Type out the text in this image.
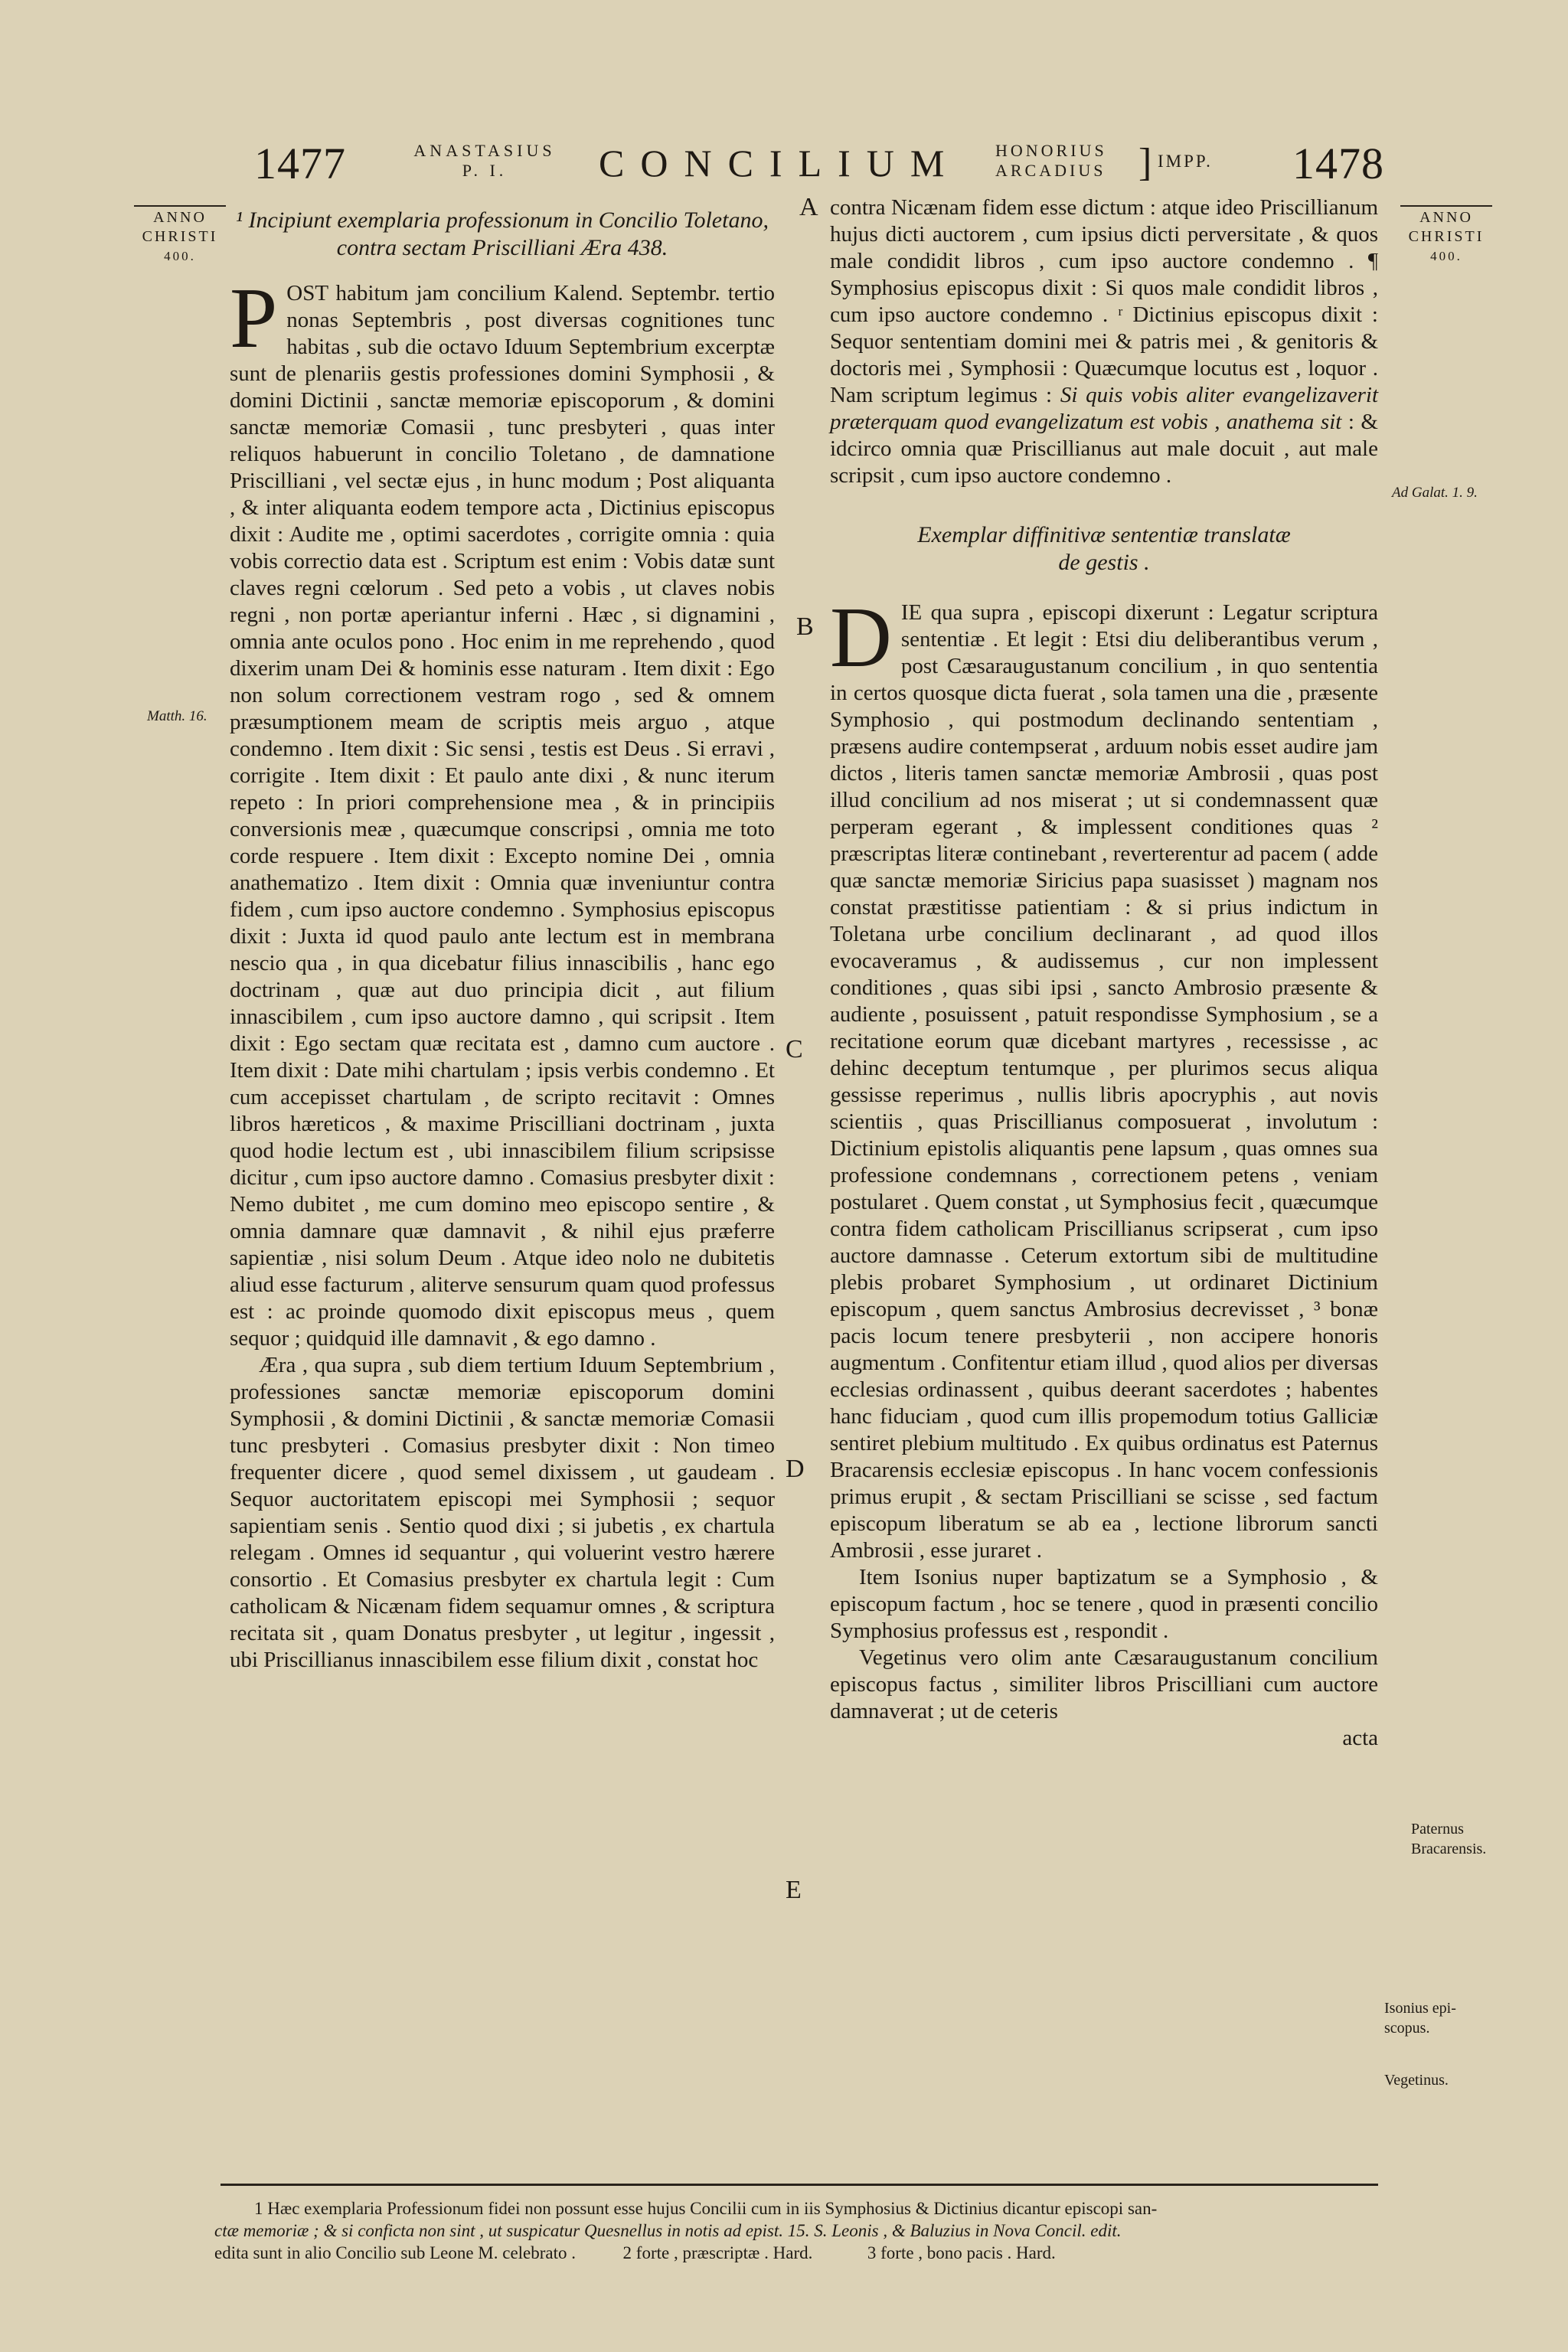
1477	ANASTASIUS
P. I.	CONCILIUM HONORIUS
ARCADIUS ] IMPP. 1478
ANNO
CHRISTI
400.
ANNO
CHRISTI
400.
Matth. 16.
Ad Galat. 1. 9.
Paternus
Bracarensis.
Isonius epi-
scopus.
Vegetinus.
A
B
C
D
E

¹ Incipiunt exemplaria professionum in Concilio Toletano,

contra sectam Priscilliani Æra 438.

POST habitum jam concilium Kalend. Septembr. tertio nonas Septembris , post diversas cognitiones tunc habitas , sub die octavo Iduum Septembrium excerptæ sunt de plenariis gestis professiones domini Symphosii , & domini Dictinii , sanctæ memoriæ episcoporum , & domini sanctæ memoriæ Comasii , tunc presbyteri , quas inter reliquos habuerunt in concilio Toletano , de damnatione Priscilliani , vel sectæ ejus , in hunc modum ; Post aliquanta , & inter aliquanta eodem tempore acta , Dictinius episcopus dixit : Audite me , optimi sacerdotes , corrigite omnia : quia vobis correctio data est . Scriptum est enim : Vobis datæ sunt claves regni cœlorum . Sed peto a vobis , ut claves nobis regni , non portæ aperiantur inferni . Hæc , si dignamini , omnia ante oculos pono . Hoc enim in me reprehendo , quod dixerim unam Dei & hominis esse naturam . Item dixit : Ego non solum correctionem vestram rogo , sed & omnem præsumptionem meam de scriptis meis arguo , atque condemno . Item dixit : Sic sensi , testis est Deus . Si erravi , corrigite . Item dixit : Et paulo ante dixi , & nunc iterum repeto : In priori comprehensione mea , & in principiis conversionis meæ , quæcumque conscripsi , omnia me toto corde respuere . Item dixit : Excepto nomine Dei , omnia anathematizo . Item dixit : Omnia quæ inveniuntur contra fidem , cum ipso auctore condemno . Symphosius episcopus dixit : Juxta id quod paulo ante lectum est in membrana nescio qua , in qua dicebatur filius innascibilis , hanc ego doctrinam , quæ aut duo principia dicit , aut filium innascibilem , cum ipso auctore damno , qui scripsit . Item dixit : Ego sectam quæ recitata est , damno cum auctore . Item dixit : Date mihi chartulam ; ipsis verbis condemno . Et cum accepisset chartulam , de scripto recitavit : Omnes libros hæreticos , & maxime Priscilliani doctrinam , juxta quod hodie lectum est , ubi innascibilem filium scripsisse dicitur , cum ipso auctore damno . Comasius presbyter dixit : Nemo dubitet , me cum domino meo episcopo sentire , & omnia damnare quæ damnavit , & nihil ejus præferre sapientiæ , nisi solum Deum . Atque ideo nolo ne dubitetis aliud esse facturum , aliterve sensurum quam quod professus est : ac proinde quomodo dixit episcopus meus , quem sequor ; quidquid ille damnavit , & ego damno .

Æra , qua supra , sub diem tertium Iduum Septembrium , professiones sanctæ memoriæ episcoporum domini Symphosii , & domini Dictinii , & sanctæ memoriæ Comasii tunc presbyteri . Comasius presbyter dixit : Non timeo frequenter dicere , quod semel dixissem , ut gaudeam . Sequor auctoritatem episcopi mei Symphosii ; sequor sapientiam senis . Sentio quod dixi ; si jubetis , ex chartula relegam . Omnes id sequantur , qui voluerint vestro hærere consortio . Et Comasius presbyter ex chartula legit : Cum catholicam & Nicænam fidem sequamur omnes , & scriptura recitata sit , quam Donatus presbyter , ut legitur , ingessit , ubi Priscillianus innascibilem esse filium dixit , constat hoc

contra Nicænam fidem esse dictum : atque ideo Priscillianum hujus dicti auctorem , cum ipsius dicti perversitate , & quos male condidit libros , cum ipso auctore condemno . ¶ Symphosius episcopus dixit : Si quos male condidit libros , cum ipso auctore condemno . ʳ Dictinius episcopus dixit : Sequor sententiam domini mei & patris mei , & genitoris & doctoris mei , Symphosii : Quæcumque locutus est , loquor . Nam scriptum legimus : Si quis vobis aliter evangelizaverit præterquam quod evangelizatum est vobis , anathema sit : & idcirco omnia quæ Priscillianus aut male docuit , aut male scripsit , cum ipso auctore condemno .

Exemplar diffinitivæ sententiæ translatæ

de gestis .

DIE qua supra , episcopi dixerunt : Legatur scriptura sententiæ . Et legit : Etsi diu deliberantibus verum , post Cæsaraugustanum concilium , in quo sententia in certos quosque dicta fuerat , sola tamen una die , præsente Symphosio , qui postmodum declinando sententiam , præsens audire contempserat , arduum nobis esset audire jam dictos , literis tamen sanctæ memoriæ Ambrosii , quas post illud concilium ad nos miserat ; ut si condemnassent quæ perperam egerant , & implessent conditiones quas ² præscriptas literæ continebant , reverterentur ad pacem ( adde quæ sanctæ memoriæ Siricius papa suasisset ) magnam nos constat præstitisse patientiam : & si prius indictum in Toletana urbe concilium declinarant , ad quod illos evocaveramus , & audissemus , cur non implessent conditiones , quas sibi ipsi , sancto Ambrosio præsente & audiente , posuissent , patuit respondisse Symphosium , se a recitatione eorum quæ dicebant martyres , recessisse , ac dehinc deceptum tentumque , per plurimos secus aliqua gessisse reperimus , nullis libris apocryphis , aut novis scientiis , quas Priscillianus composuerat , involutum : Dictinium epistolis aliquantis pene lapsum , quas omnes sua professione condemnans , correctionem petens , veniam postularet . Quem constat , ut Symphosius fecit , quæcumque contra fidem catholicam Priscillianus scripserat , cum ipso auctore damnasse . Ceterum extortum sibi de multitudine plebis probaret Symphosium , ut ordinaret Dictinium episcopum , quem sanctus Ambrosius decrevisset , ³ bonæ pacis locum tenere presbyterii , non accipere honoris augmentum . Confitentur etiam illud , quod alios per diversas ecclesias ordinassent , quibus deerant sacerdotes ; habentes hanc fiduciam , quod cum illis propemodum totius Galliciæ sentiret plebium multitudo . Ex quibus ordinatus est Paternus Bracarensis ecclesiæ episcopus . In hanc vocem confessionis primus erupit , & sectam Priscilliani se scisse , sed factum episcopum liberatum se ab ea , lectione librorum sancti Ambrosii , esse juraret .

Item Isonius nuper baptizatum se a Symphosio , & episcopum factum , hoc se tenere , quod in præsenti concilio Symphosius professus est , respondit .

Vegetinus vero olim ante Cæsaraugustanum concilium episcopus factus , similiter libros Priscilliani cum auctore damnaverat ; ut de ceteris

acta

1 Hæc exemplaria Professionum fidei non possunt esse hujus Concilii cum in iis Symphosius & Dictinius dicantur episcopi san-

ctæ memoriæ ; & si conficta non sint , ut suspicatur Quesnellus in notis ad epist. 15. S. Leonis , & Baluzius in Nova Concil. edit.

edita sunt in alio Concilio sub Leone M. celebrato .	2 forte , præscriptæ . Hard.	3 forte , bono pacis . Hard.
